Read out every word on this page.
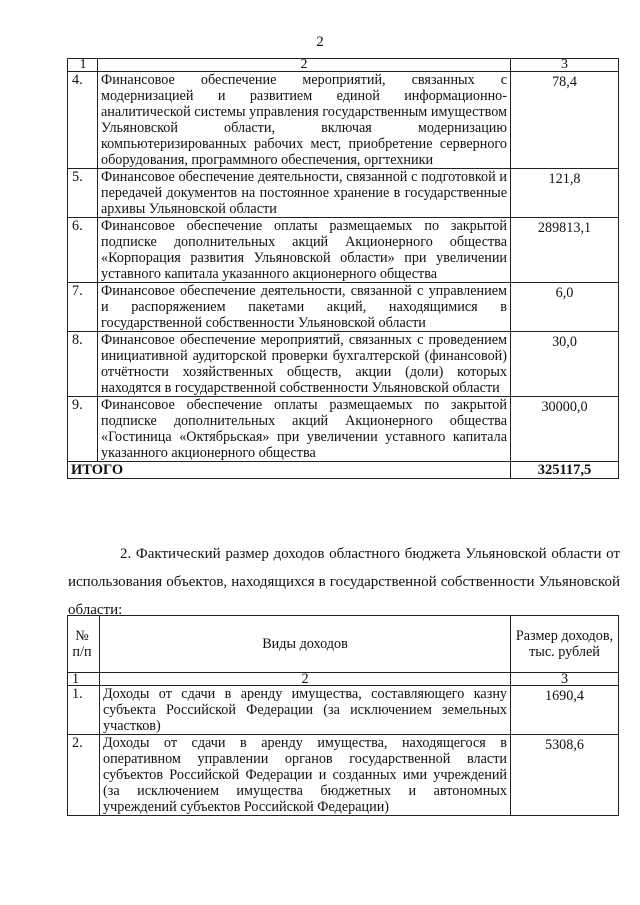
2
1	2	3
4.	Финансовое обеспечение мероприятий, связанных с модернизацией и развитием единой информационно-аналитической системы управления государственным имуществом Ульяновской области, включая модернизацию компьютеризированных рабочих мест, приобретение серверного оборудования, программного обеспечения, оргтехники	78,4
5.	Финансовое обеспечение деятельности, связанной с подготовкой и передачей документов на постоянное хранение в государственные архивы Ульяновской области	121,8
6.	Финансовое обеспечение оплаты размещаемых по закрытой подписке дополнительных акций Акционерного общества «Корпорация развития Ульяновской области» при увеличении уставного капитала указанного акционерного общества	289813,1
7.	Финансовое обеспечение деятельности, связанной с управлением и распоряжением пакетами акций, находящимися в государственной собственности Ульяновской области	6,0
8.	Финансовое обеспечение мероприятий, связанных с проведением инициативной аудиторской проверки бухгалтерской (финансовой) отчётности хозяйственных обществ, акции (доли) которых находятся в государственной собственности Ульяновской области	30,0
9.	Финансовое обеспечение оплаты размещаемых по закрытой подписке дополнительных акций Акционерного общества «Гостиница «Октябрьская» при увеличении уставного капитала указанного акционерного общества	30000,0
ИТОГО		325117,5
2. Фактический размер доходов областного бюджета Ульяновской области от использования объектов, находящихся в государственной собственности Ульяновской области:
№ п/п	Виды доходов	Размер доходов, тыс. рублей
1	2	3
1.	Доходы от сдачи в аренду имущества, составляющего казну субъекта Российской Федерации (за исключением земельных участков)	1690,4
2.	Доходы от сдачи в аренду имущества, находящегося в оперативном управлении органов государственной власти субъектов Российской Федерации и созданных ими учреждений (за исключением имущества бюджетных и автономных учреждений субъектов Российской Федерации)	5308,6
